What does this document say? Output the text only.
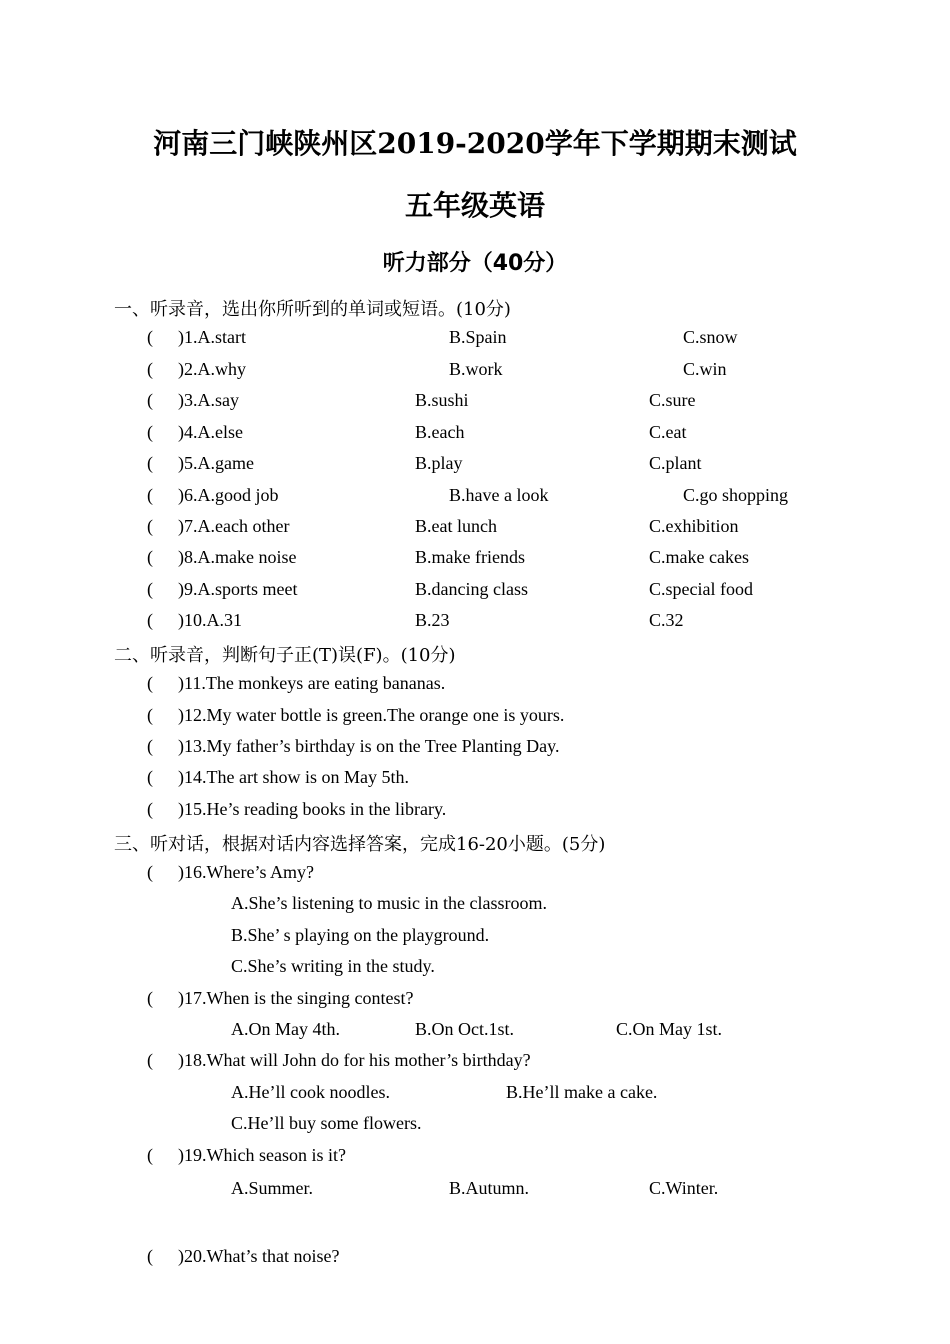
河南三门峡陕州区2019-2020学年下学期期末测试
五年级英语
听力部分（40分）
一、听录音，选出你所听到的单词或短语。(10分)
( )1.A.start	B.Spain	C.snow
( )2.A.why	B.work	C.win
( )3.A.say	B.sushi	C.sure
( )4.A.else	B.each	C.eat
( )5.A.game	B.play	C.plant
( )6.A.good job	B.have a look	C.go shopping
( )7.A.each other	B.eat lunch	C.exhibition
( )8.A.make noise	B.make friends	C.make cakes
( )9.A.sports meet	B.dancing class	C.special food
( )10.A.31	B.23	C.32
二、听录音，判断句子正(T)误(F)。(10分)
( )11.The monkeys are eating bananas.
( )12.My water bottle is green.The orange one is yours.
( )13.My father’s birthday is on the Tree Planting Day.
( )14.The art show is on May 5th.
( )15.He’s reading books in the library.
三、听对话，根据对话内容选择答案，完成16-20小题。(5分)
( )16.Where’s Amy?
A.She’s listening to music in the classroom.
B.She’ s playing on the playground.
C.She’s writing in the study.
( )17.When is the singing contest?
A.On May 4th.	B.On Oct.1st.	C.On May 1st.
( )18.What will John do for his mother’s birthday?
A.He’ll cook noodles.	B.He’ll make a cake.
C.He’ll buy some flowers.
( )19.Which season is it?
A.Summer.	B.Autumn.	C.Winter.
( )20.What’s that noise?
